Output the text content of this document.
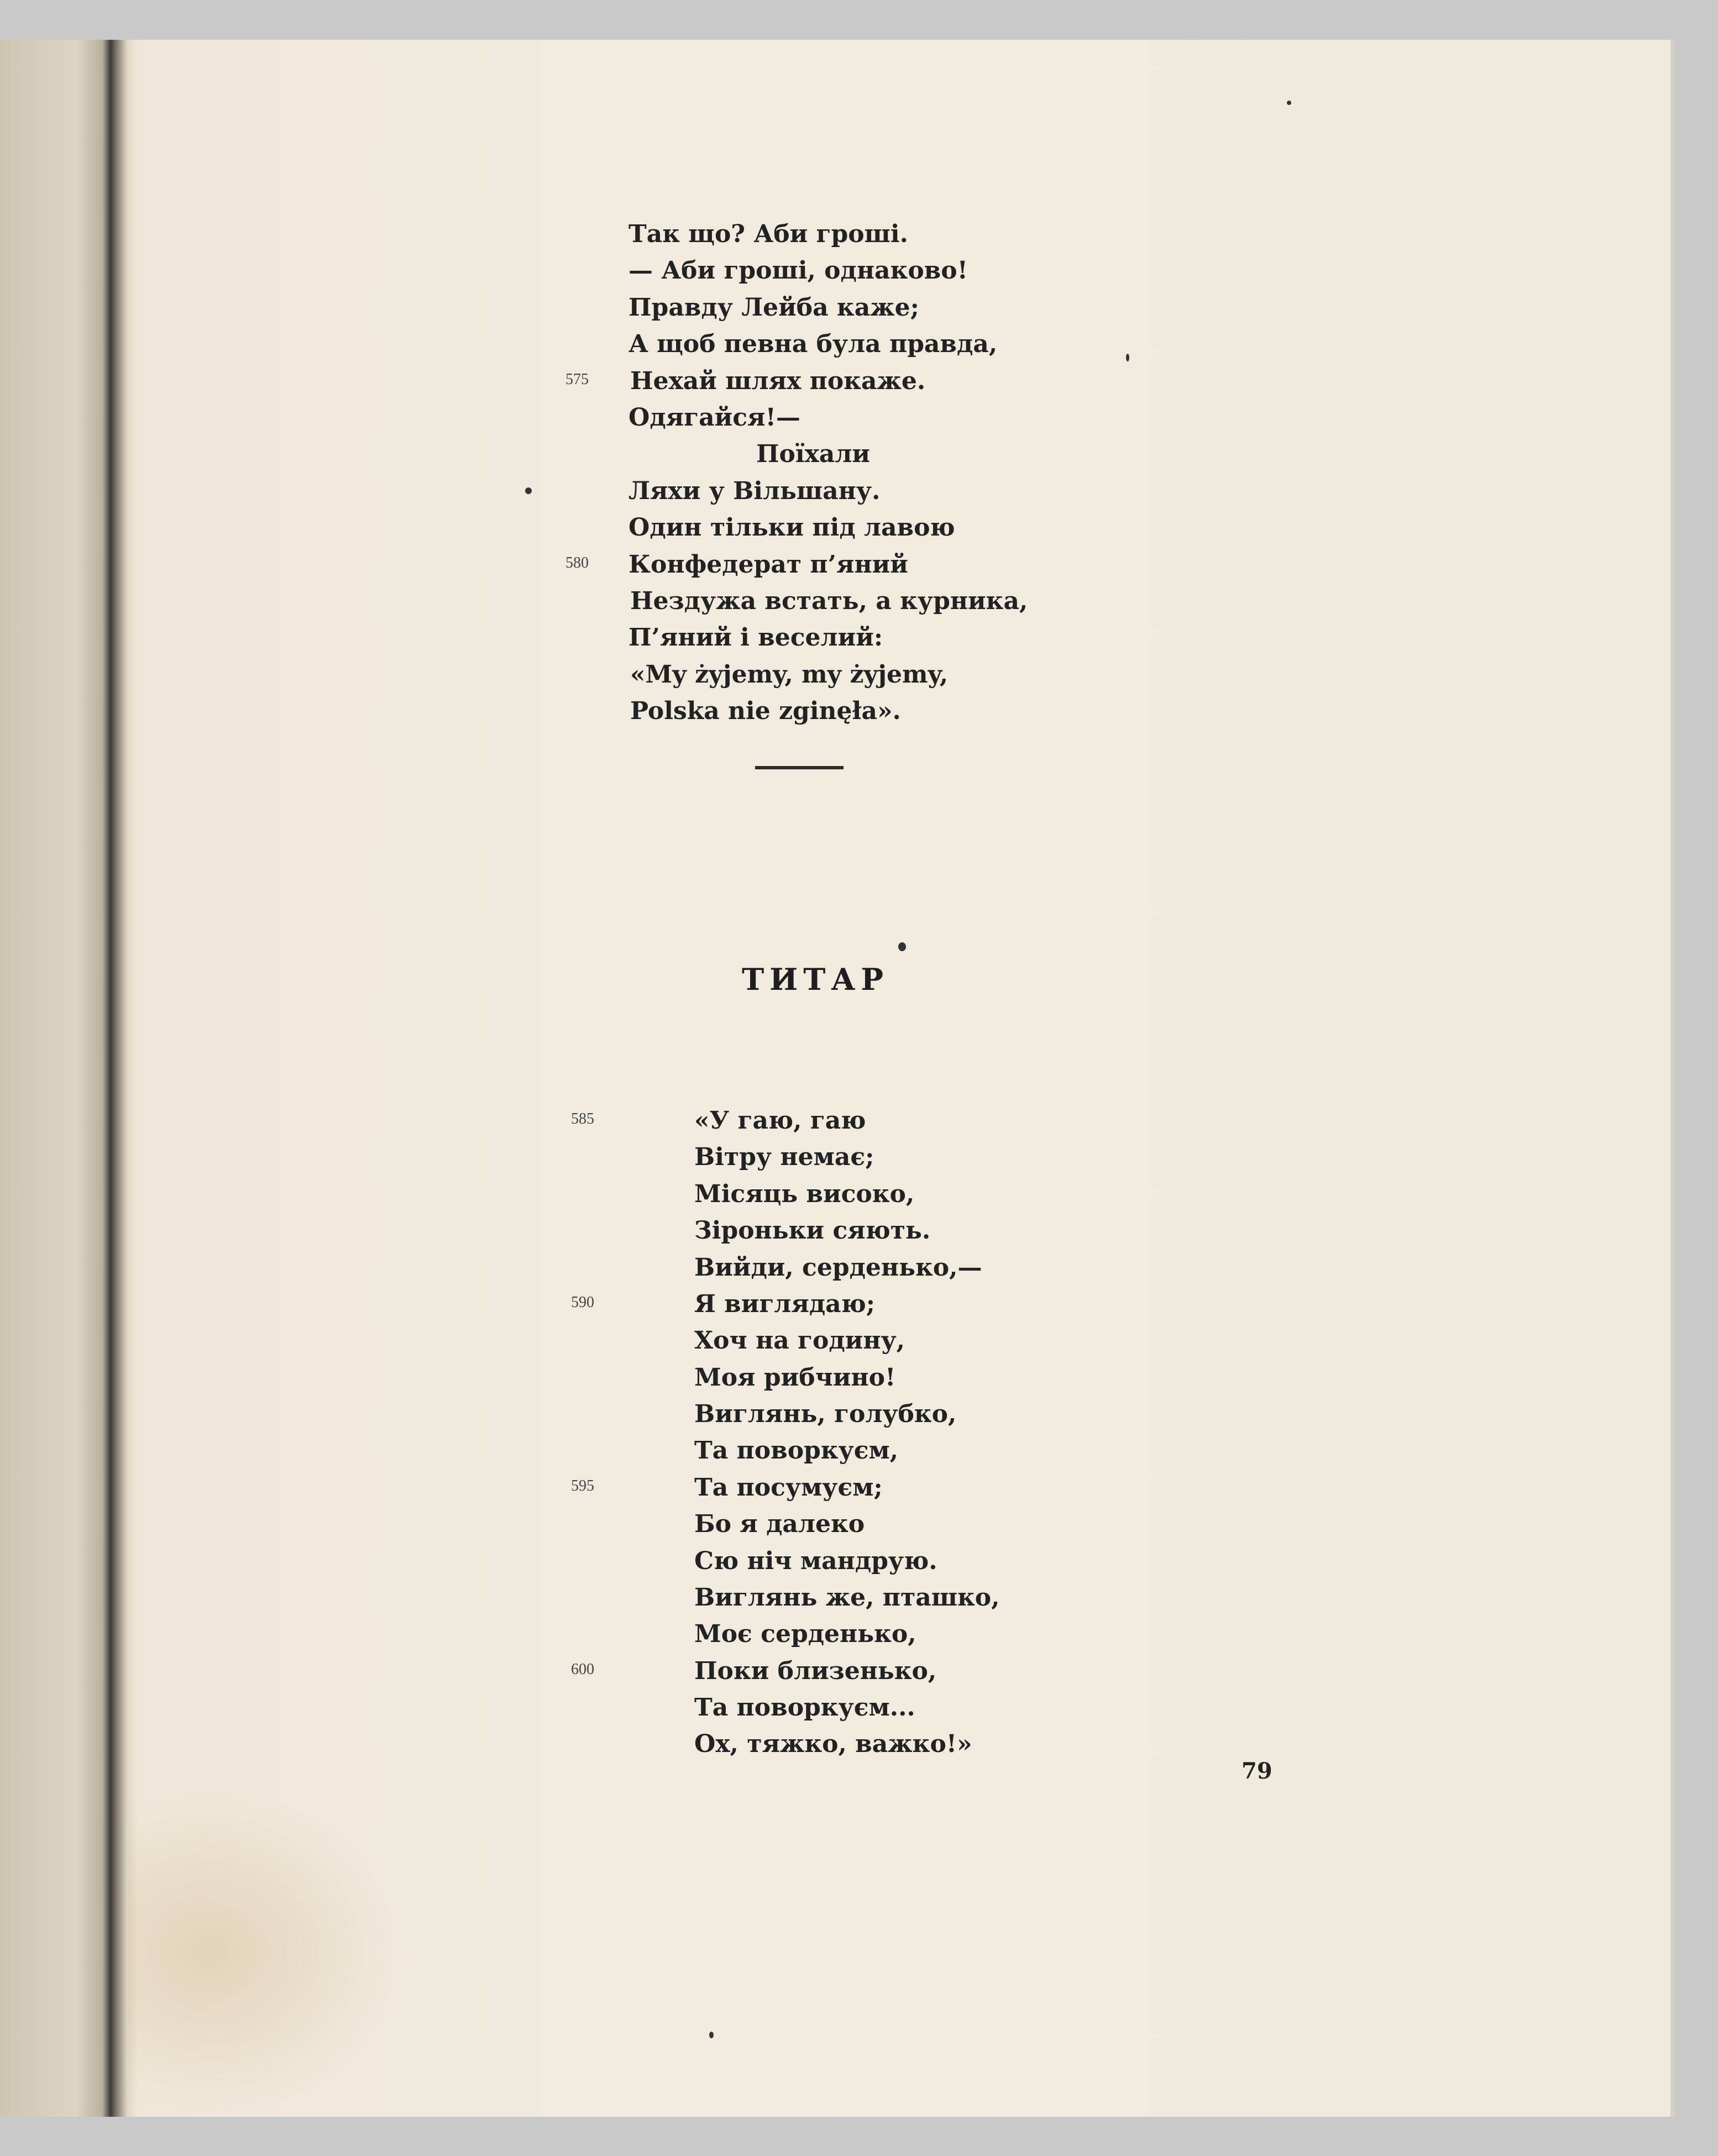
Так що? Аби гроші.
— Аби гроші, однаково!
Правду Лейба каже;
А щоб певна була правда,
Нехай шлях покаже.
Одягайся!—
Поїхали
Ляхи у Вільшану.
Один тільки під лавою
Конфедерат п’яний
Нездужа встать, а курника,
П’яний і веселий:
«My żyjemy, my żyjemy,
Polska nie zginęła».
575
580
ТИТАР
«У гаю, гаю
Вітру немає;
Місяць високо,
Зіроньки сяють.
Вийди, серденько,—
Я виглядаю;
Хоч на годину,
Моя рибчино!
Виглянь, голубко,
Та поворкуєм,
Та посумуєм;
Бо я далеко
Сю ніч мандрую.
Виглянь же, пташко,
Моє серденько,
Поки близенько,
Та поворкуєм...
Ох, тяжко, важко!»
585
590
595
600
79
